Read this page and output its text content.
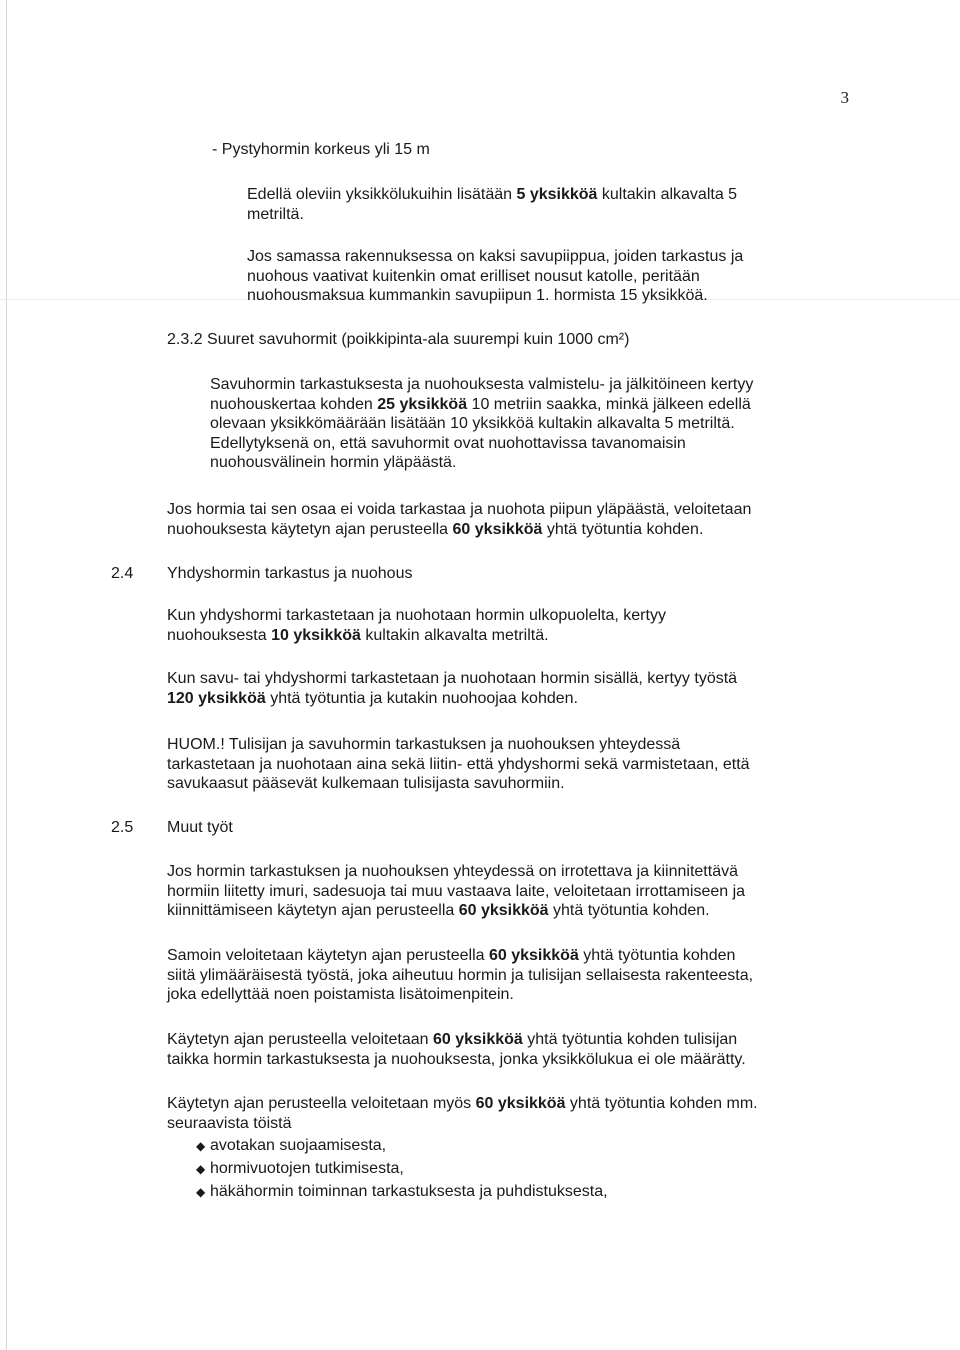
3
- Pystyhormin korkeus yli 15 m
Edellä oleviin yksikkölukuihin lisätään 5 yksikköä kultakin alkavalta 5
metriltä.
Jos samassa rakennuksessa on kaksi savupiippua, joiden tarkastus ja
nuohous vaativat kuitenkin omat erilliset nousut katolle, peritään
nuohousmaksua kummankin savupiipun 1. hormista 15 yksikköä.
2.3.2 Suuret savuhormit (poikkipinta-ala suurempi kuin 1000 cm²)
Savuhormin tarkastuksesta ja nuohouksesta valmistelu- ja jälkitöineen kertyy
nuohouskertaa kohden 25 yksikköä 10 metriin saakka, minkä jälkeen edellä
olevaan yksikkömäärään lisätään 10 yksikköä kultakin alkavalta 5 metriltä.
Edellytyksenä on, että savuhormit ovat nuohottavissa tavanomaisin
nuohousvälinein hormin yläpäästä.
Jos hormia tai sen osaa ei voida tarkastaa ja nuohota piipun yläpäästä, veloitetaan
nuohouksesta käytetyn ajan perusteella 60 yksikköä yhtä työtuntia kohden.
2.4 Yhdyshormin tarkastus ja nuohous
Kun yhdyshormi tarkastetaan ja nuohotaan hormin ulkopuolelta, kertyy
nuohouksesta 10 yksikköä kultakin alkavalta metriltä.
Kun savu- tai yhdyshormi tarkastetaan ja nuohotaan hormin sisällä, kertyy työstä
120 yksikköä yhtä työtuntia ja kutakin nuohoojaa kohden.
HUOM.! Tulisijan ja savuhormin tarkastuksen ja nuohouksen yhteydessä
tarkastetaan ja nuohotaan aina sekä liitin- että yhdyshormi sekä varmistetaan, että
savukaasut pääsevät kulkemaan tulisijasta savuhormiin.
2.5 Muut työt
Jos hormin tarkastuksen ja nuohouksen yhteydessä on irrotettava ja kiinnitettävä
hormiin liitetty imuri, sadesuoja tai muu vastaava laite, veloitetaan irrottamiseen ja
kiinnittämiseen käytetyn ajan perusteella 60 yksikköä yhtä työtuntia kohden.
Samoin veloitetaan käytetyn ajan perusteella 60 yksikköä yhtä työtuntia kohden
siitä ylimääräisestä työstä, joka aiheutuu hormin ja tulisijan sellaisesta rakenteesta,
joka edellyttää noen poistamista lisätoimenpitein.
Käytetyn ajan perusteella veloitetaan 60 yksikköä yhtä työtuntia kohden tulisijan
taikka hormin tarkastuksesta ja nuohouksesta, jonka yksikkölukua ei ole määrätty.
Käytetyn ajan perusteella veloitetaan myös 60 yksikköä yhtä työtuntia kohden mm.
seuraavista töistä
◆ avotakan suojaamisesta,
◆ hormivuotojen tutkimisesta,
◆ häkähormin toiminnan tarkastuksesta ja puhdistuksesta,
